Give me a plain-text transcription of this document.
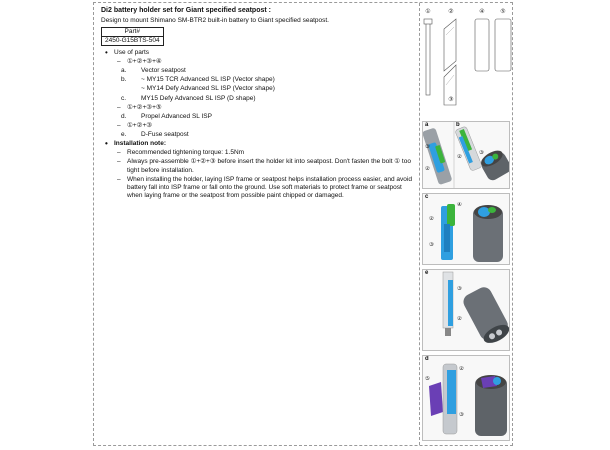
Di2 battery holder set for Giant specified seatpost :

Design to mount Shimano SM-BTR2 built-in battery to Giant specified seatpost.

Part#
2450-G15BTS-504
• Use of parts
– ①+②+③+④
a. Vector seatpost
b. ~ MY15 TCR Advanced SL ISP (Vector shape)
~ MY14 Defy Advanced SL ISP (Vector shape)
c. MY15 Defy Advanced SL ISP (D shape)
– ①+②+③+⑤
d. Propel Advanced SL ISP
– ①+②+③
e. D-Fuse seatpost
• Installation note:
– Recommended tightening torque: 1.5Nm
– Always pre-assemble ①+②+③ before insert the holder kit into seatpost. Don't fasten the bolt ① too tight before installation.
– When installing the holder, laying ISP frame or seatpost helps installation process easier, and avoid battery fall into ISP frame or fall onto the ground. Use soft materials to protect frame or seatpost when laying frame or the seatpost from possible paint chipped or damaged.
①	②
③
④	⑤
③
②
②
③
a	b
②
④
③
c
③
②
e
⑤
②
③
d
